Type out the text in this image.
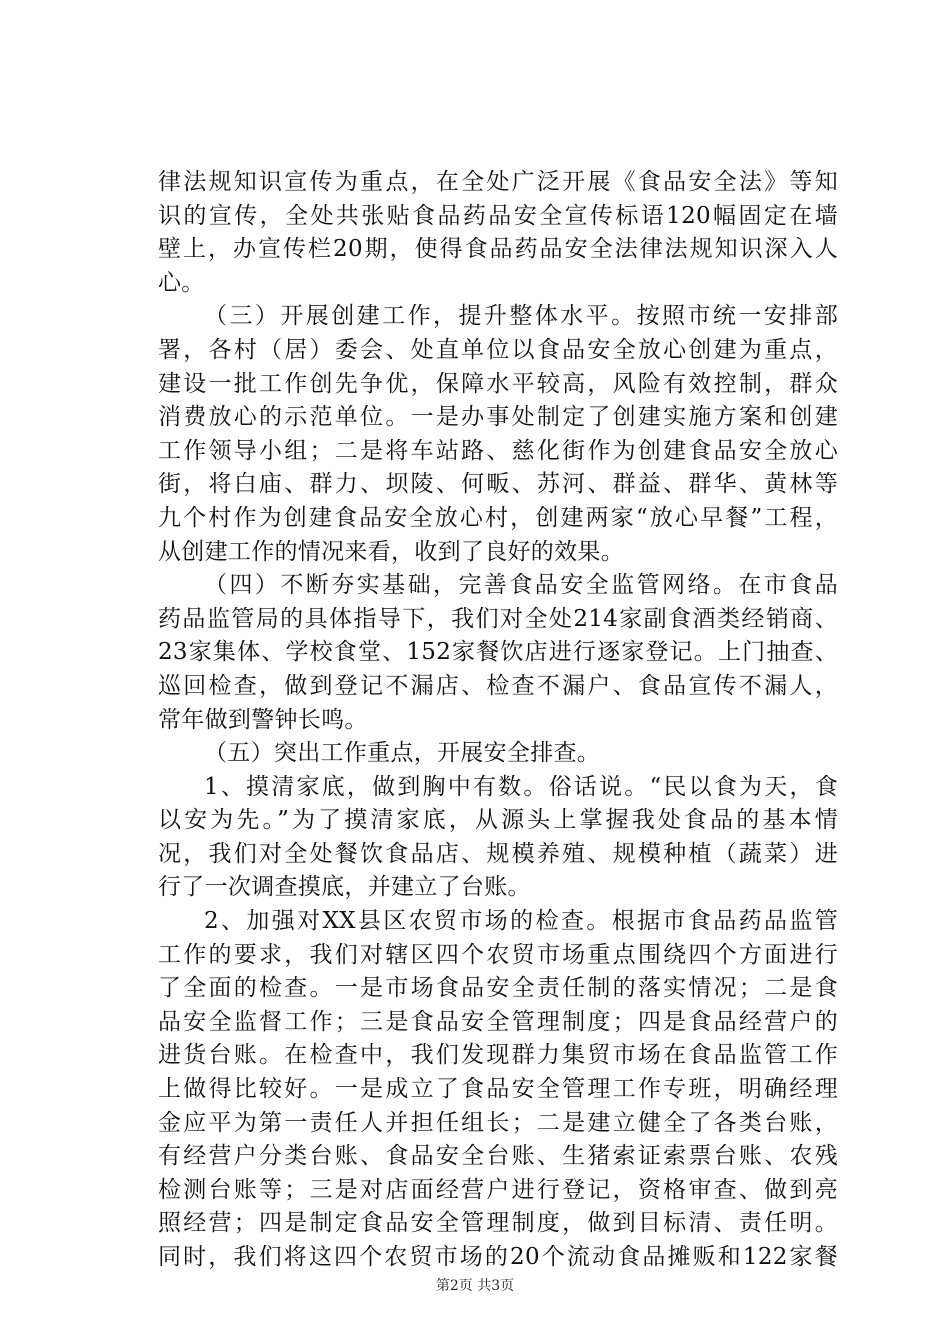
律法规知识宣传为重点，在全处广泛开展《食品安全法》等知
识的宣传，全处共张贴食品药品安全宣传标语120幅固定在墙
壁上，办宣传栏20期，使得食品药品安全法律法规知识深入人
心。
（三）开展创建工作，提升整体水平。按照市统一安排部
署，各村（居）委会、处直单位以食品安全放心创建为重点，
建设一批工作创先争优，保障水平较高，风险有效控制，群众
消费放心的示范单位。一是办事处制定了创建实施方案和创建
工作领导小组；二是将车站路、慈化街作为创建食品安全放心
街，将白庙、群力、坝陵、何畈、苏河、群益、群华、黄林等
九个村作为创建食品安全放心村，创建两家“放心早餐”工程，
从创建工作的情况来看，收到了良好的效果。
（四）不断夯实基础，完善食品安全监管网络。在市食品
药品监管局的具体指导下，我们对全处214家副食酒类经销商、
23家集体、学校食堂、152家餐饮店进行逐家登记。上门抽查、
巡回检查，做到登记不漏店、检查不漏户、食品宣传不漏人，
常年做到警钟长鸣。
（五）突出工作重点，开展安全排查。
1、摸清家底，做到胸中有数。俗话说。“民以食为天，食
以安为先。”为了摸清家底，从源头上掌握我处食品的基本情
况，我们对全处餐饮食品店、规模养殖、规模种植（蔬菜）进
行了一次调查摸底，并建立了台账。
2、加强对XX县区农贸市场的检查。根据市食品药品监管
工作的要求，我们对辖区四个农贸市场重点围绕四个方面进行
了全面的检查。一是市场食品安全责任制的落实情况；二是食
品安全监督工作；三是食品安全管理制度；四是食品经营户的
进货台账。在检查中，我们发现群力集贸市场在食品监管工作
上做得比较好。一是成立了食品安全管理工作专班，明确经理
金应平为第一责任人并担任组长；二是建立健全了各类台账，
有经营户分类台账、食品安全台账、生猪索证索票台账、农残
检测台账等；三是对店面经营户进行登记，资格审查、做到亮
照经营；四是制定食品安全管理制度，做到目标清、责任明。
同时，我们将这四个农贸市场的20个流动食品摊贩和122家餐
第2页 共3页
